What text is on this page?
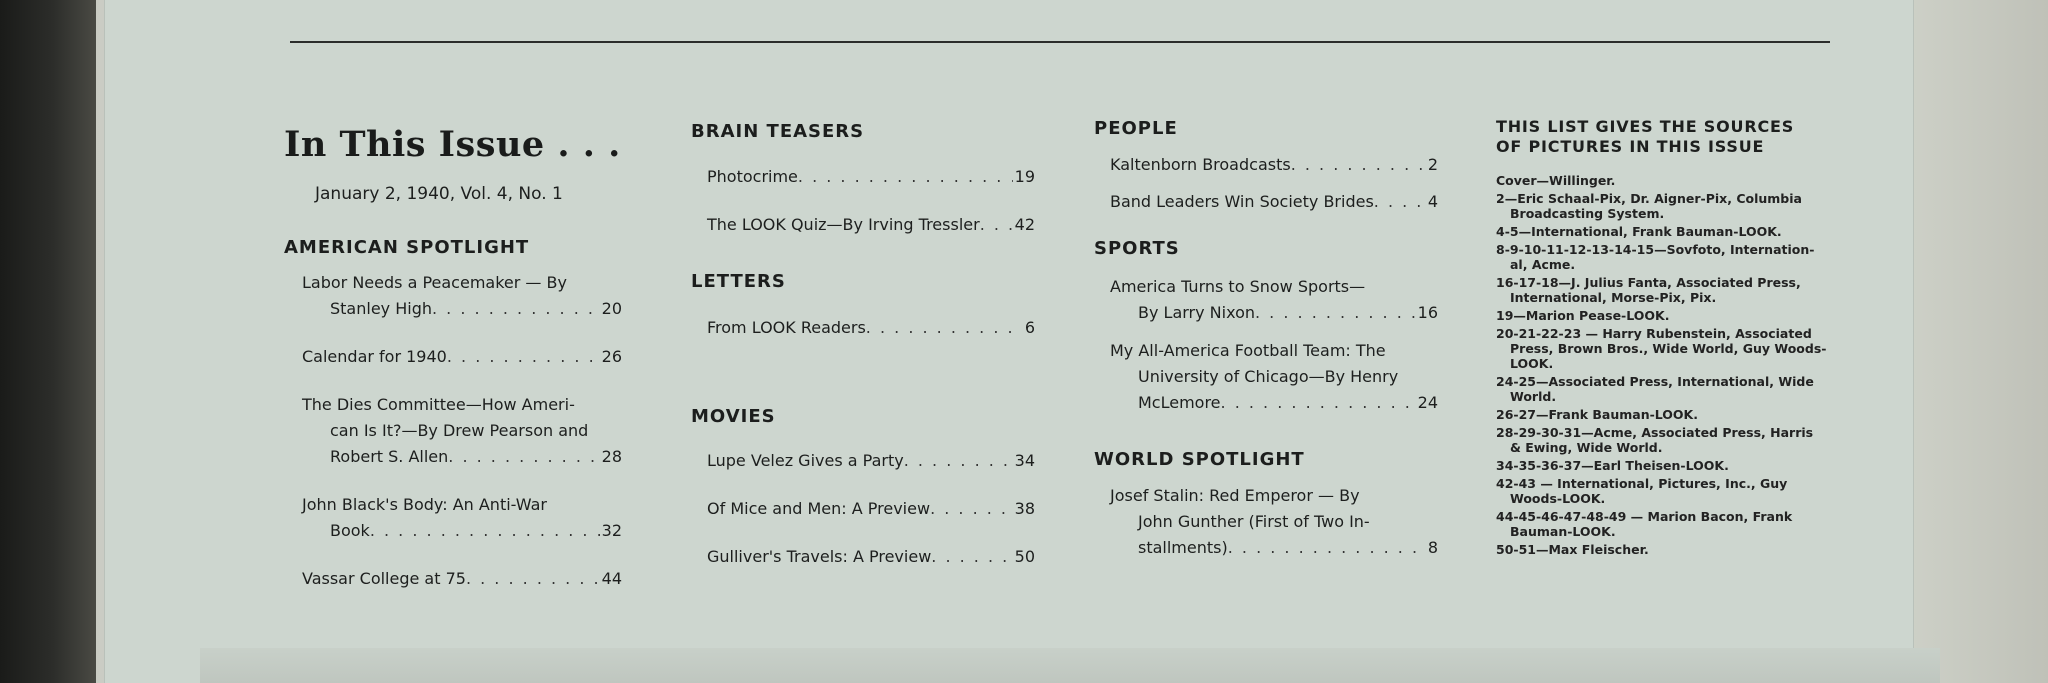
In This Issue . . .
January 2, 1940, Vol. 4, No. 1
AMERICAN SPOTLIGHT
Labor Needs a Peacemaker — By
Stanley High . . .	20
Calendar for 1940 . . .	26
The Dies Committee—How Ameri-
can Is It?—By Drew Pearson and
Robert S. Allen . . .	28
John Black's Body: An Anti-War
Book . . .	32
Vassar College at 75 . . .	44
BRAIN TEASERS
Photocrime . . .	19
The LOOK Quiz—By Irving Tressler . . . 42
LETTERS
From LOOK Readers . . .	6
MOVIES
Lupe Velez Gives a Party . . .	34
Of Mice and Men: A Preview . . .	38
Gulliver's Travels: A Preview . . .	50
PEOPLE
Kaltenborn Broadcasts . . .	2
Band Leaders Win Society Brides . . .	4
SPORTS
America Turns to Snow Sports—
By Larry Nixon . . .	16
My All-America Football Team: The
University of Chicago—By Henry
McLemore . . .	24
WORLD SPOTLIGHT
Josef Stalin: Red Emperor — By
John Gunther (First of Two In-
stallments) . . .	8
THIS LIST GIVES THE SOURCES
OF PICTURES IN THIS ISSUE
Cover—Willinger.
2—Eric Schaal-Pix, Dr. Aigner-Pix, Columbia
Broadcasting System.
4-5—International, Frank Bauman-LOOK.
8-9-10-11-12-13-14-15—Sovfoto, Internation-
al, Acme.
16-17-18—J. Julius Fanta, Associated Press,
International, Morse-Pix, Pix.
19—Marion Pease-LOOK.
20-21-22-23 — Harry Rubenstein, Associated
Press, Brown Bros., Wide World, Guy Woods-
LOOK.
24-25—Associated Press, International, Wide
World.
26-27—Frank Bauman-LOOK.
28-29-30-31—Acme, Associated Press, Harris
& Ewing, Wide World.
34-35-36-37—Earl Theisen-LOOK.
42-43 — International, Pictures, Inc., Guy
Woods-LOOK.
44-45-46-47-48-49 — Marion Bacon, Frank
Bauman-LOOK.
50-51—Max Fleischer.
